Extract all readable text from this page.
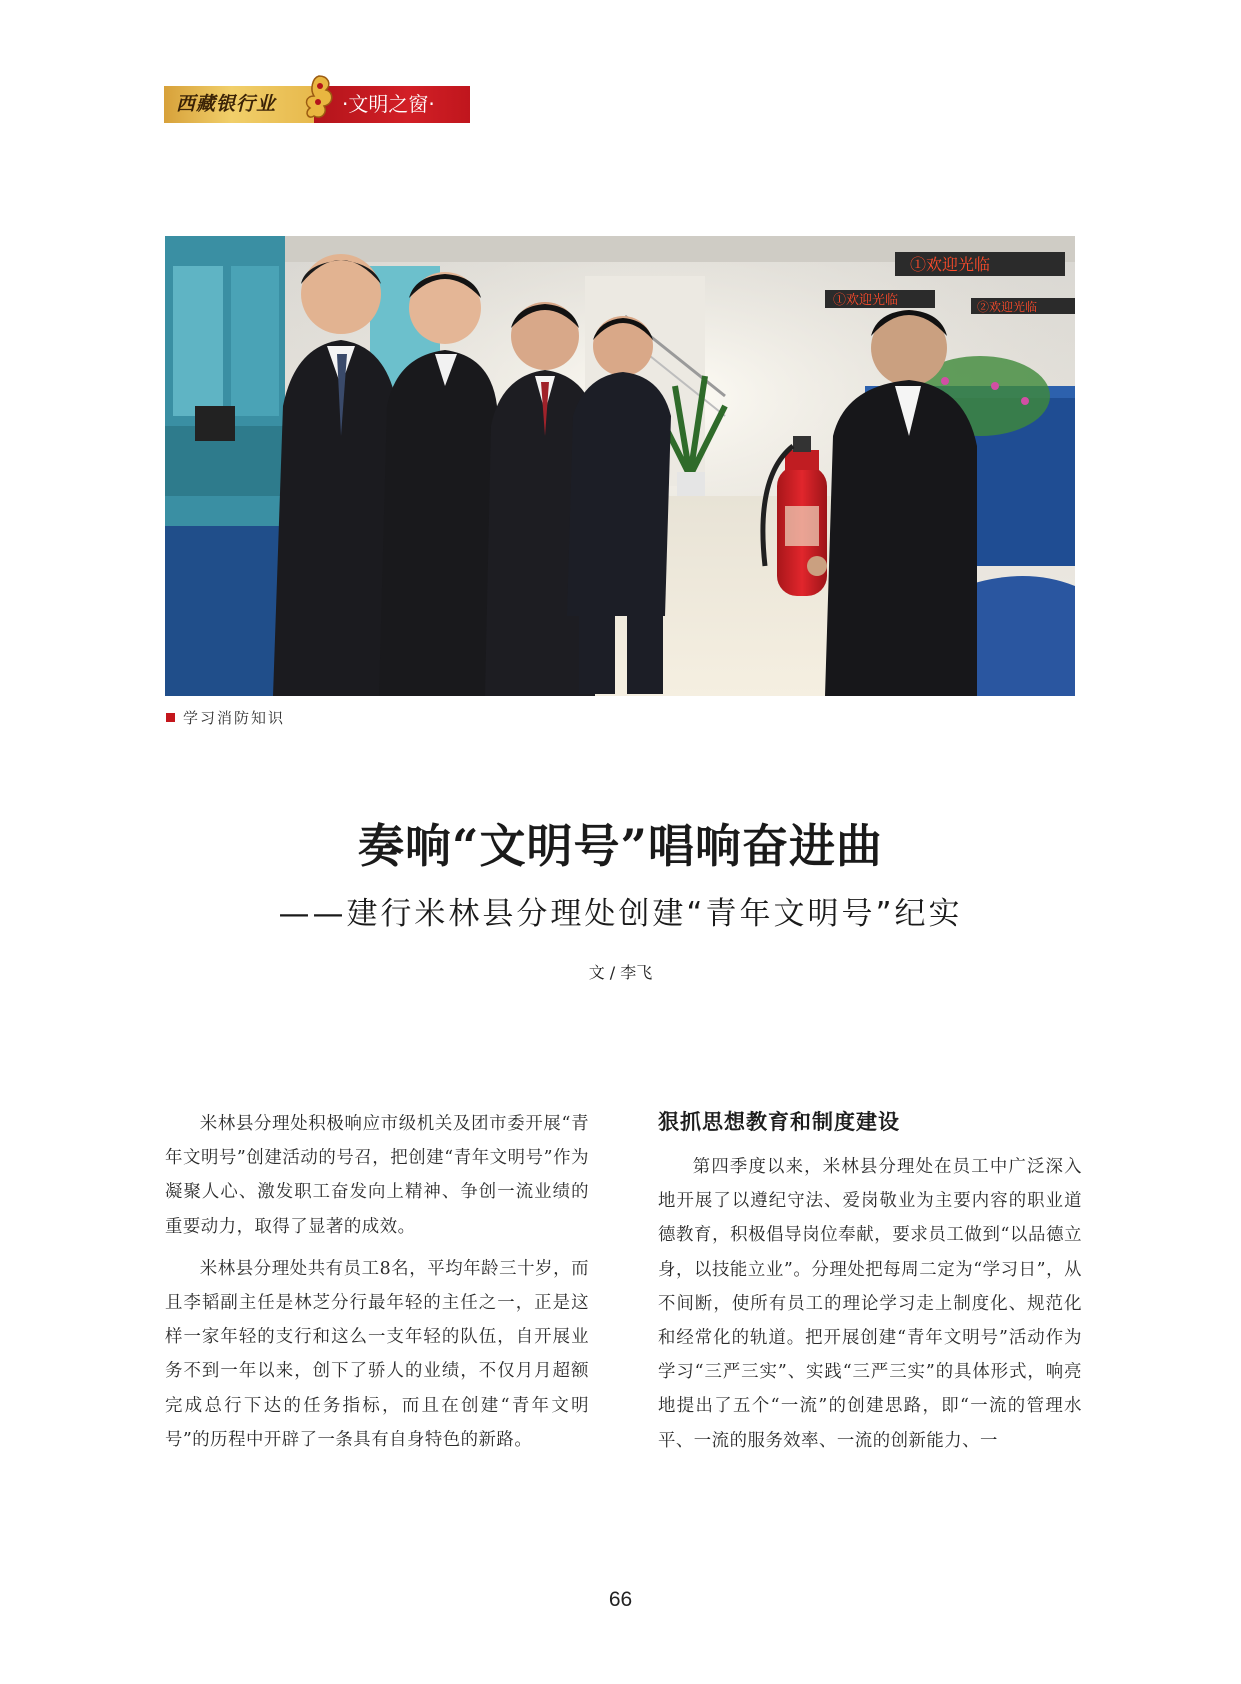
西藏银行业	·文明之窗·
①欢迎光临
①欢迎光临	②欢迎光临
学习消防知识
奏响“文明号”唱响奋进曲
——建行米林县分理处创建“青年文明号”纪实
文 / 李飞

米林县分理处积极响应市级机关及团市委开展“青年文明号”创建活动的号召，把创建“青年文明号”作为凝聚人心、激发职工奋发向上精神、争创一流业绩的重要动力，取得了显著的成效。

米林县分理处共有员工8名，平均年龄三十岁，而且李韬副主任是林芝分行最年轻的主任之一，正是这样一家年轻的支行和这么一支年轻的队伍，自开展业务不到一年以来，创下了骄人的业绩，不仅月月超额完成总行下达的任务指标，而且在创建“青年文明号”的历程中开辟了一条具有自身特色的新路。

狠抓思想教育和制度建设

第四季度以来，米林县分理处在员工中广泛深入地开展了以遵纪守法、爱岗敬业为主要内容的职业道德教育，积极倡导岗位奉献，要求员工做到“以品德立身，以技能立业”。分理处把每周二定为“学习日”，从不间断，使所有员工的理论学习走上制度化、规范化和经常化的轨道。把开展创建“青年文明号”活动作为学习“三严三实”、实践“三严三实”的具体形式，响亮地提出了五个“一流”的创建思路，即“一流的管理水平、一流的服务效率、一流的创新能力、一

66
